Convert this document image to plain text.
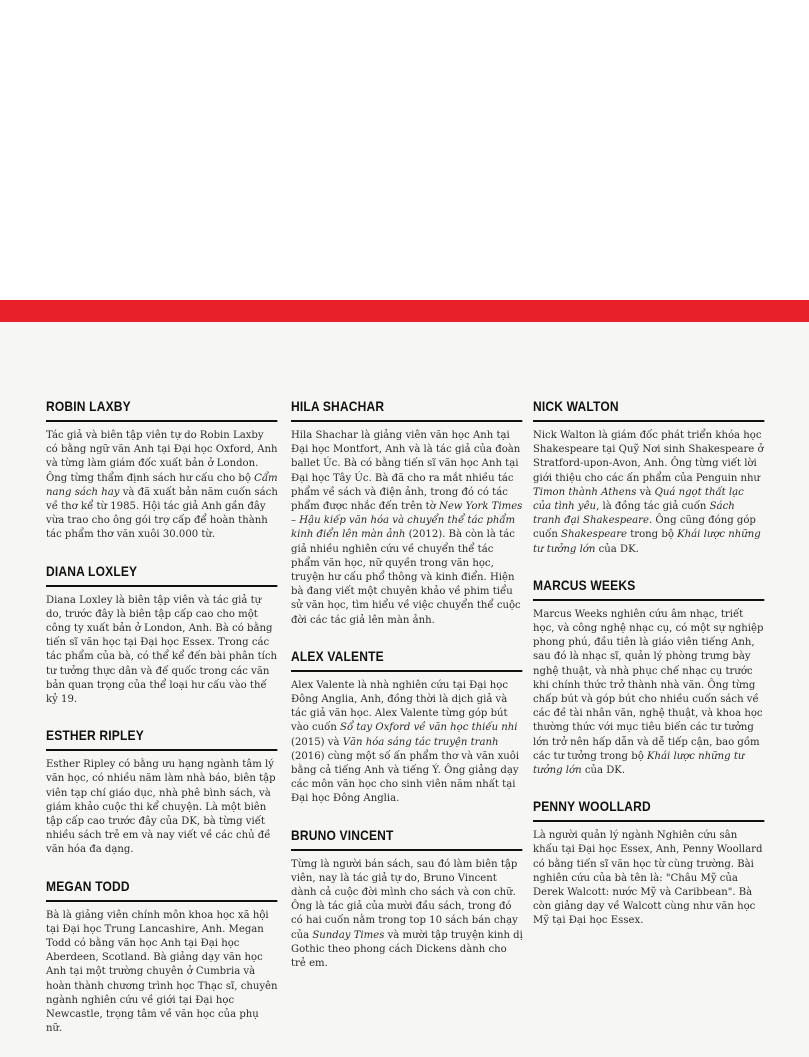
ROBIN LAXBY

Tác giả và biên tập viên tự do Robin Laxby có bằng ngữ văn Anh tại Đại học Oxford, Anh và từng làm giám đốc xuất bản ở London. Ông từng thẩm định sách hư cấu cho bộ Cẩm nang sách hay và đã xuất bản năm cuốn sách về thơ kể từ 1985. Hội tác giả Anh gần đây vừa trao cho ông gói trợ cấp để hoàn thành tác phẩm thơ văn xuôi 30.000 từ.

DIANA LOXLEY

Diana Loxley là biên tập viên và tác giả tự do, trước đây là biên tập cấp cao cho một công ty xuất bản ở London, Anh. Bà có bằng tiến sĩ văn học tại Đại học Essex. Trong các tác phẩm của bà, có thể kể đến bài phân tích tư tưởng thực dân và đế quốc trong các văn bản quan trọng của thể loại hư cấu vào thế kỷ 19.

ESTHER RIPLEY

Esther Ripley có bằng ưu hạng ngành tâm lý văn học, có nhiều năm làm nhà báo, biên tập viên tạp chí giáo dục, nhà phê bình sách, và giám khảo cuộc thi kể chuyện. Là một biên tập cấp cao trước đây của DK, bà từng viết nhiều sách trẻ em và nay viết về các chủ đề văn hóa đa dạng.

MEGAN TODD

Bà là giảng viên chính môn khoa học xã hội tại Đại học Trung Lancashire, Anh. Megan Todd có bằng văn học Anh tại Đại học Aberdeen, Scotland. Bà giảng dạy văn học Anh tại một trường chuyên ở Cumbria và hoàn thành chương trình học Thạc sĩ, chuyên ngành nghiên cứu về giới tại Đại học Newcastle, trọng tâm về văn học của phụ nữ.

HILA SHACHAR

Hila Shachar là giảng viên văn học Anh tại Đại học Montfort, Anh và là tác giả của đoàn ballet Úc. Bà có bằng tiến sĩ văn học Anh tại Đại học Tây Úc. Bà đã cho ra mắt nhiều tác phẩm về sách và điện ảnh, trong đó có tác phẩm được nhắc đến trên tờ New York Times – Hậu kiếp văn hóa và chuyển thể tác phẩm kinh điển lên màn ảnh (2012). Bà còn là tác giả nhiều nghiên cứu về chuyển thể tác phẩm văn học, nữ quyền trong văn học, truyện hư cấu phổ thông và kinh điển. Hiện bà đang viết một chuyên khảo về phim tiểu sử văn học, tìm hiểu về việc chuyển thể cuộc đời các tác giả lên màn ảnh.

ALEX VALENTE

Alex Valente là nhà nghiên cứu tại Đại học Đông Anglia, Anh, đồng thời là dịch giả và tác giả văn học. Alex Valente từng góp bút vào cuốn Sổ tay Oxford về văn học thiếu nhi (2015) và Văn hóa sáng tác truyện tranh (2016) cùng một số ấn phẩm thơ và văn xuôi bằng cả tiếng Anh và tiếng Ý. Ông giảng dạy các môn văn học cho sinh viên năm nhất tại Đại học Đông Anglia.

BRUNO VINCENT

Từng là người bán sách, sau đó làm biên tập viên, nay là tác giả tự do, Bruno Vincent dành cả cuộc đời mình cho sách và con chữ. Ông là tác giả của mười đầu sách, trong đó có hai cuốn nằm trong top 10 sách bán chạy của Sunday Times và mười tập truyện kinh dị Gothic theo phong cách Dickens dành cho trẻ em.

NICK WALTON

Nick Walton là giám đốc phát triển khóa học Shakespeare tại Quỹ Nơi sinh Shakespeare ở Stratford-upon-Avon, Anh. Ông từng viết lời giới thiệu cho các ấn phẩm của Penguin như Timon thành Athens và Quá ngọt thất lạc của tình yêu, là đồng tác giả cuốn Sách tranh đại Shakespeare. Ông cũng đóng góp cuốn Shakespeare trong bộ Khái lược những tư tưởng lớn của DK.

MARCUS WEEKS

Marcus Weeks nghiên cứu âm nhạc, triết học, và công nghệ nhạc cụ, có một sự nghiệp phong phú, đầu tiên là giáo viên tiếng Anh, sau đó là nhạc sĩ, quản lý phòng trưng bày nghệ thuật, và nhà phục chế nhạc cụ trước khi chính thức trở thành nhà văn. Ông từng chấp bút và góp bút cho nhiều cuốn sách về các đề tài nhân văn, nghệ thuật, và khoa học thường thức với mục tiêu biến các tư tưởng lớn trở nên hấp dẫn và dễ tiếp cận, bao gồm các tư tưởng trong bộ Khái lược những tư tưởng lớn của DK.

PENNY WOOLLARD

Là người quản lý ngành Nghiên cứu sân khấu tại Đại học Essex, Anh, Penny Woollard có bằng tiến sĩ văn học từ cùng trường. Bài nghiên cứu của bà tên là: "Châu Mỹ của Derek Walcott: nước Mỹ và Caribbean". Bà còn giảng dạy về Walcott cùng như văn học Mỹ tại Đại học Essex.
